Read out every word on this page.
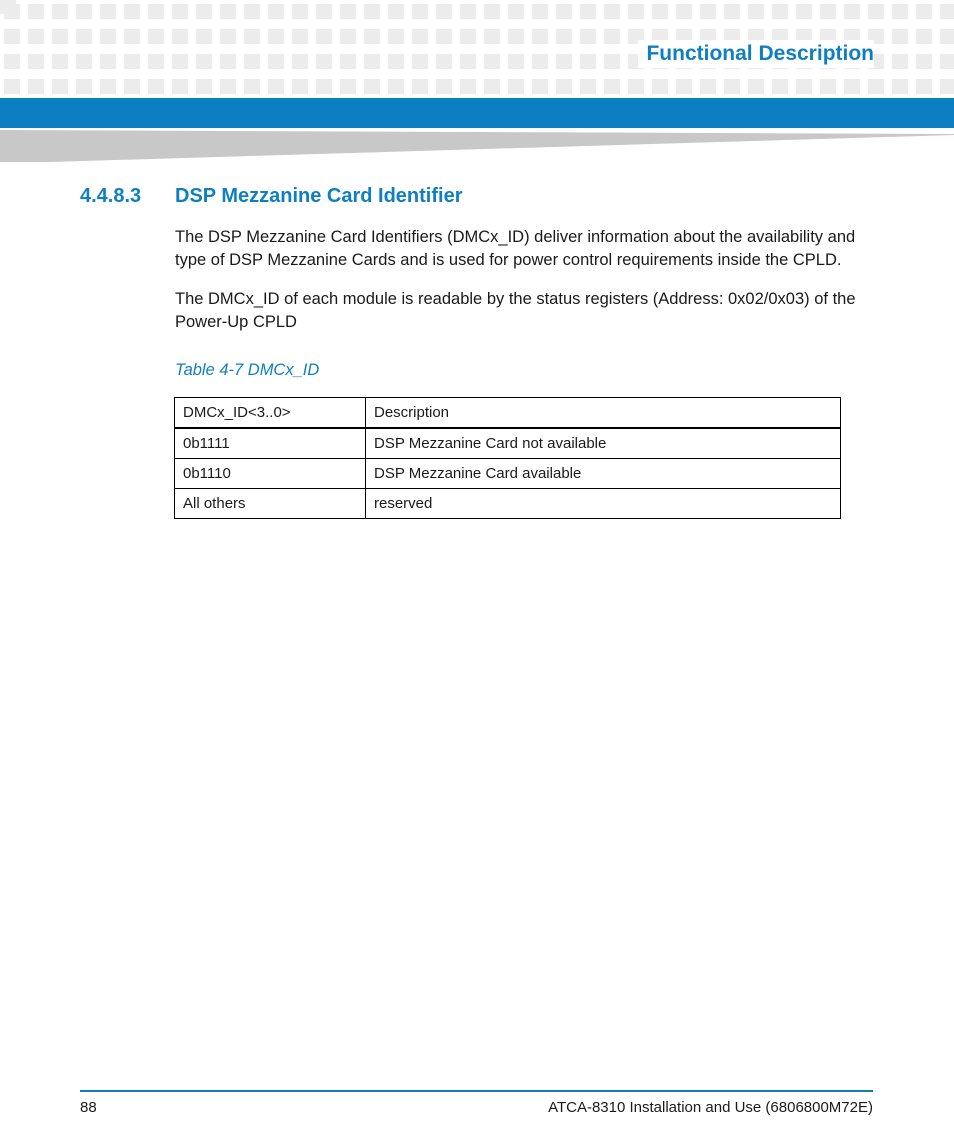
Functional Description
4.4.8.3 DSP Mezzanine Card Identifier
The DSP Mezzanine Card Identifiers (DMCx_ID) deliver information about the availability and type of DSP Mezzanine Cards and is used for power control requirements inside the CPLD.
The DMCx_ID of each module is readable by the status registers (Address: 0x02/0x03) of the Power-Up CPLD
Table 4-7 DMCx_ID
DMCx_ID<3..0>	Description
0b1111	DSP Mezzanine Card not available
0b1110	DSP Mezzanine Card available
All others	reserved
88	ATCA-8310 Installation and Use (6806800M72E)
